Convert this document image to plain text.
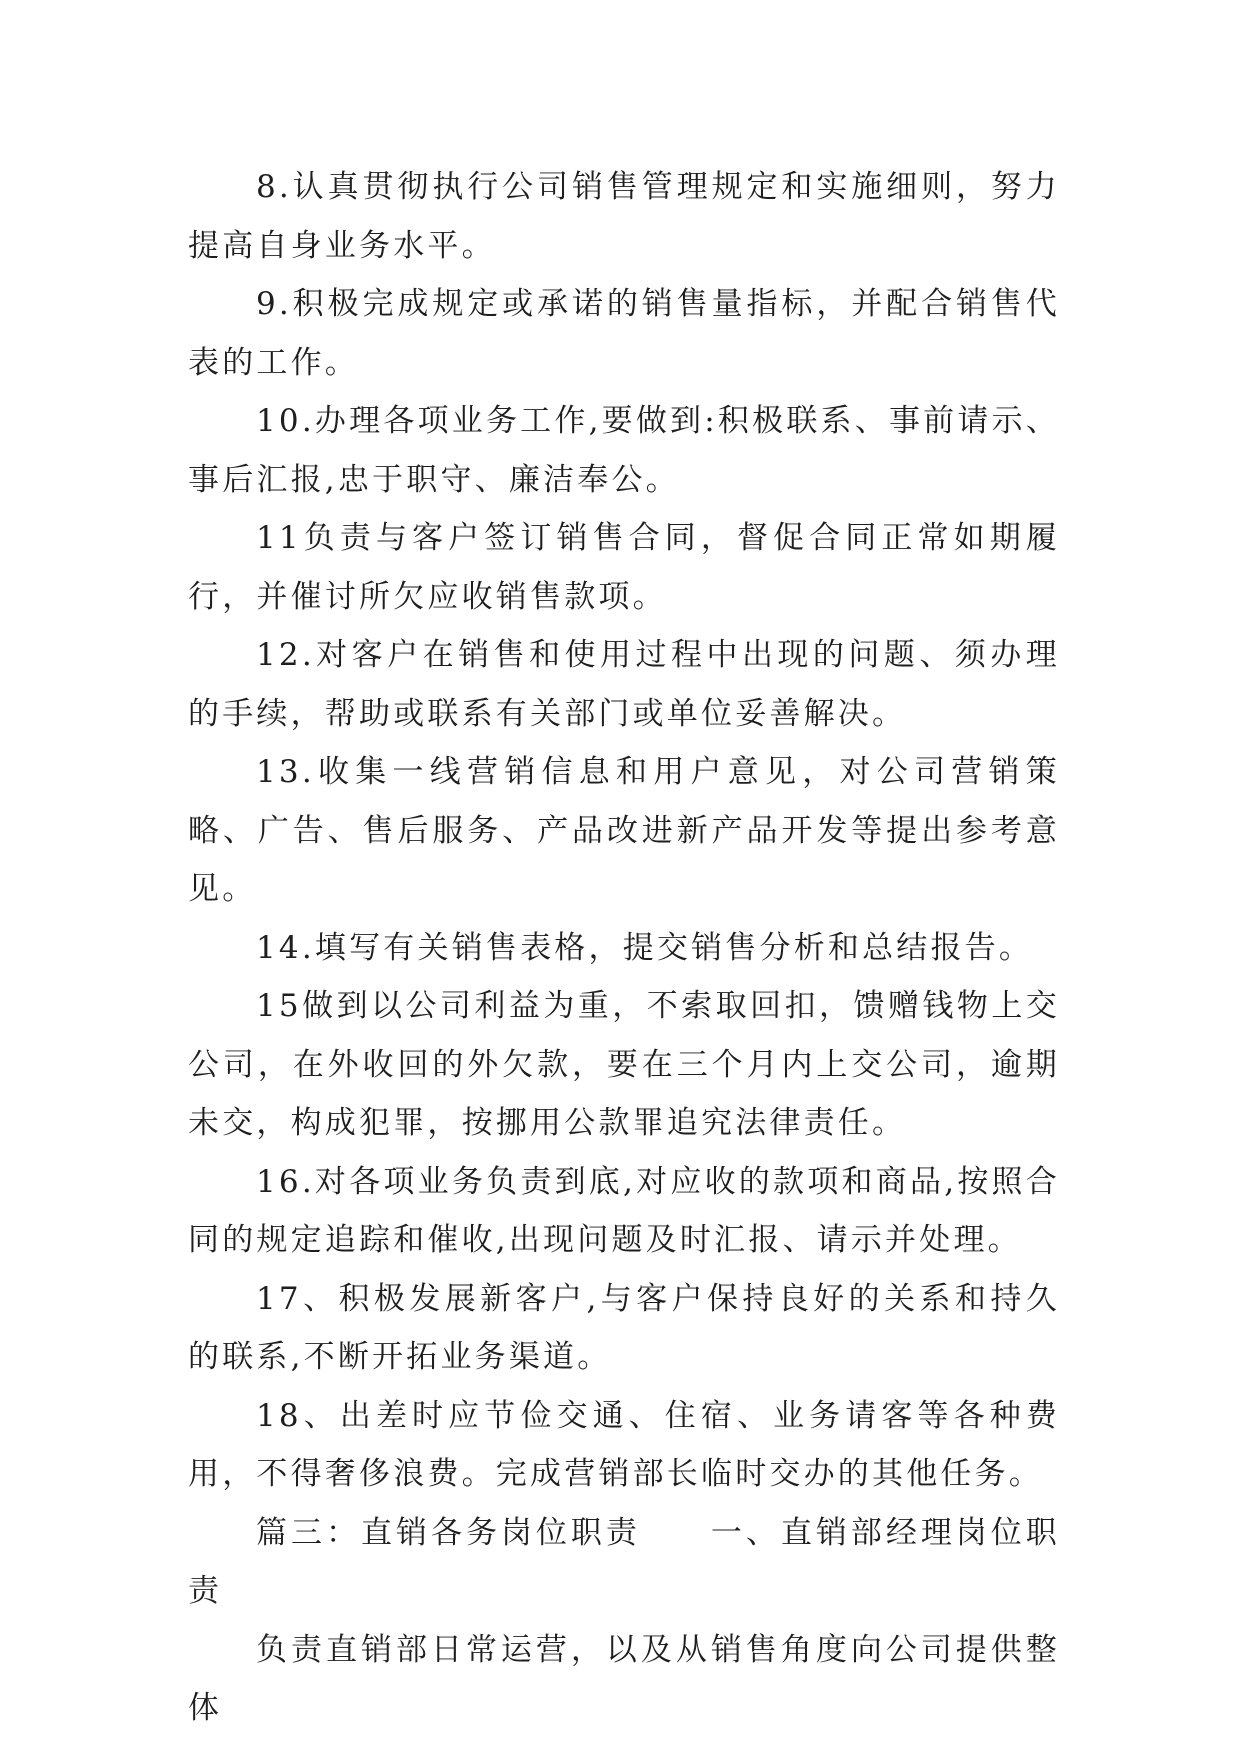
8.认真贯彻执行公司销售管理规定和实施细则，努力提高自身业务水平。

9.积极完成规定或承诺的销售量指标，并配合销售代表的工作。

10.办理各项业务工作,要做到:积极联系、事前请示、事后汇报,忠于职守、廉洁奉公。

11负责与客户签订销售合同，督促合同正常如期履行，并催讨所欠应收销售款项。

12.对客户在销售和使用过程中出现的问题、须办理的手续，帮助或联系有关部门或单位妥善解决。

13.收集一线营销信息和用户意见，对公司营销策略、广告、售后服务、产品改进新产品开发等提出参考意见。

14.填写有关销售表格，提交销售分析和总结报告。

15做到以公司利益为重，不索取回扣，馈赠钱物上交公司，在外收回的外欠款，要在三个月内上交公司，逾期未交，构成犯罪，按挪用公款罪追究法律责任。

16.对各项业务负责到底,对应收的款项和商品,按照合同的规定追踪和催收,出现问题及时汇报、请示并处理。

17、积极发展新客户,与客户保持良好的关系和持久的联系,不断开拓业务渠道。

18、出差时应节俭交通、住宿、业务请客等各种费用，不得奢侈浪费。完成营销部长临时交办的其他任务。

篇三：直销各务岗位职责　　一、直销部经理岗位职责

负责直销部日常运营，以及从销售角度向公司提供整体
